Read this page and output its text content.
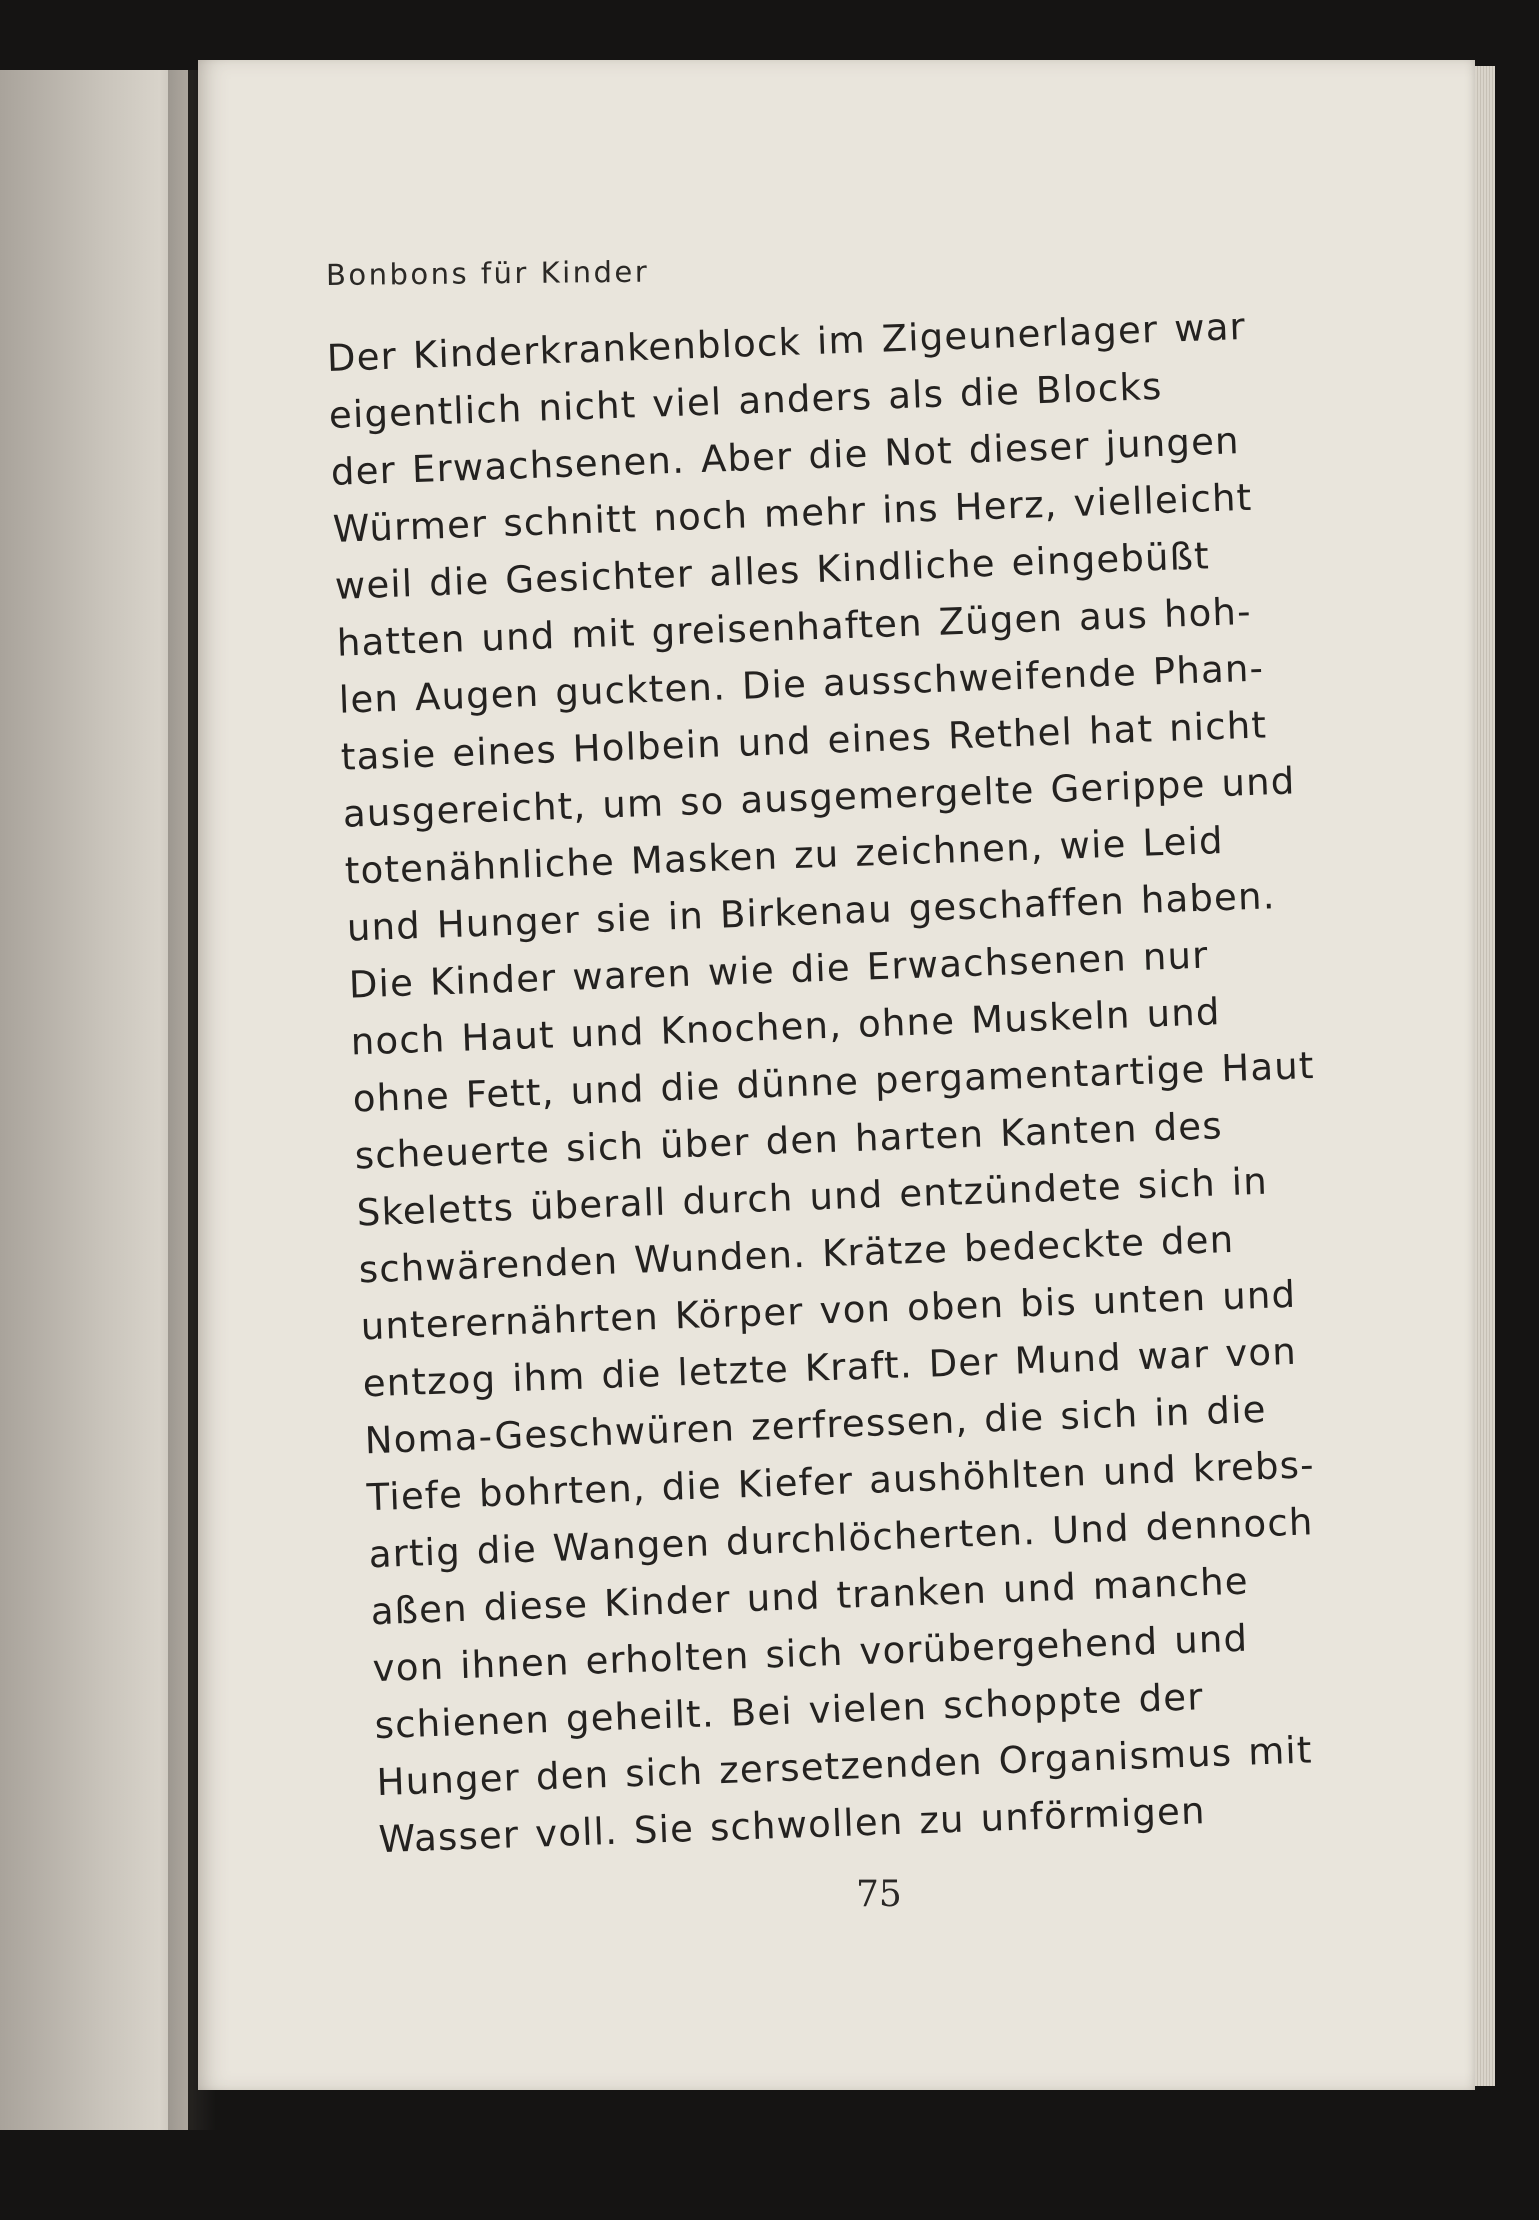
Bonbons für Kinder

Der Kinderkrankenblock im Zigeunerlager war

eigentlich nicht viel anders als die Blocks

der Erwachsenen. Aber die Not dieser jungen

Würmer schnitt noch mehr ins Herz, vielleicht

weil die Gesichter alles Kindliche eingebüßt

hatten und mit greisenhaften Zügen aus hoh-

len Augen guckten. Die ausschweifende Phan-

tasie eines Holbein und eines Rethel hat nicht

ausgereicht, um so ausgemergelte Gerippe und

totenähnliche Masken zu zeichnen, wie Leid

und Hunger sie in Birkenau geschaffen haben.

Die Kinder waren wie die Erwachsenen nur

noch Haut und Knochen, ohne Muskeln und

ohne Fett, und die dünne pergamentartige Haut

scheuerte sich über den harten Kanten des

Skeletts überall durch und entzündete sich in

schwärenden Wunden. Krätze bedeckte den

unterernährten Körper von oben bis unten und

entzog ihm die letzte Kraft. Der Mund war von

Noma-Geschwüren zerfressen, die sich in die

Tiefe bohrten, die Kiefer aushöhlten und krebs-

artig die Wangen durchlöcherten. Und dennoch

aßen diese Kinder und tranken und manche

von ihnen erholten sich vorübergehend und

schienen geheilt. Bei vielen schoppte der

Hunger den sich zersetzenden Organismus mit

Wasser voll. Sie schwollen zu unförmigen

75
